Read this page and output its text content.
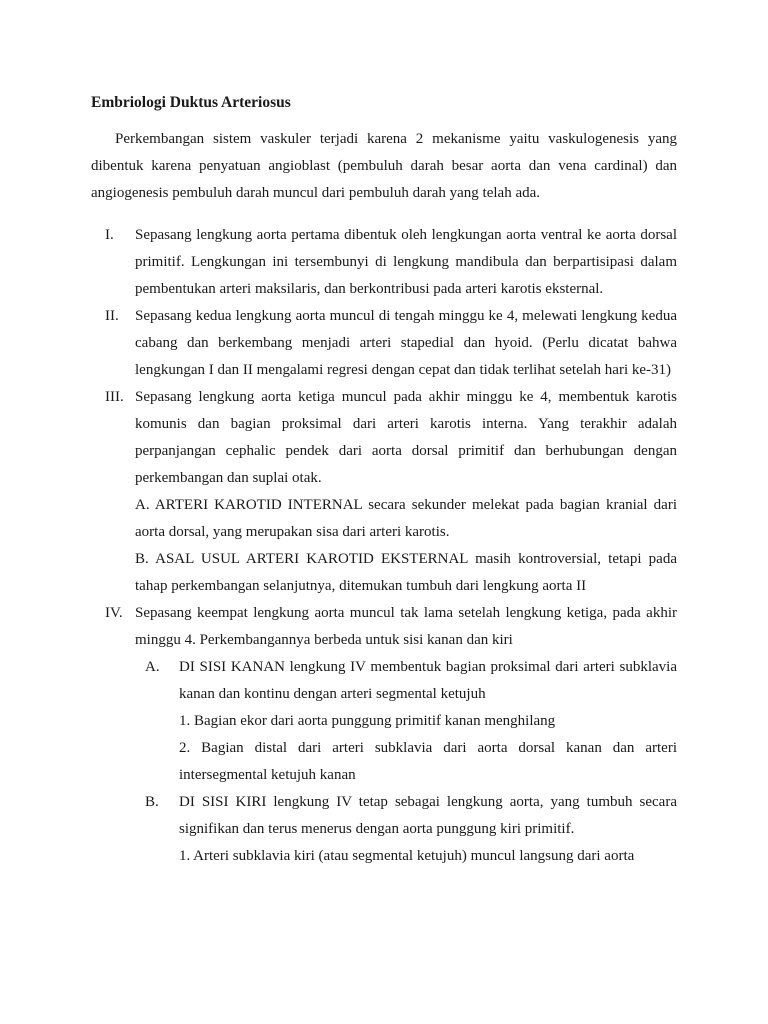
Embriologi Duktus Arteriosus

Perkembangan sistem vaskuler terjadi karena 2 mekanisme yaitu vaskulogenesis yang dibentuk karena penyatuan angioblast (pembuluh darah besar aorta dan vena cardinal) dan angiogenesis pembuluh darah muncul dari pembuluh darah yang telah ada.

I.	Sepasang lengkung aorta pertama dibentuk oleh lengkungan aorta ventral ke aorta dorsal primitif. Lengkungan ini tersembunyi di lengkung mandibula dan berpartisipasi dalam pembentukan arteri maksilaris, dan berkontribusi pada arteri karotis eksternal.

II.	Sepasang kedua lengkung aorta muncul di tengah minggu ke 4, melewati lengkung kedua cabang dan berkembang menjadi arteri stapedial dan hyoid. (Perlu dicatat bahwa lengkungan I dan II mengalami regresi dengan cepat dan tidak terlihat setelah hari ke-31)

III. Sepasang lengkung aorta ketiga muncul pada akhir minggu ke 4, membentuk karotis komunis dan bagian proksimal dari arteri karotis interna. Yang terakhir adalah perpanjangan cephalic pendek dari aorta dorsal primitif dan berhubungan dengan perkembangan dan suplai otak.

A. ARTERI KAROTID INTERNAL secara sekunder melekat pada bagian kranial dari aorta dorsal, yang merupakan sisa dari arteri karotis.

B. ASAL USUL ARTERI KAROTID EKSTERNAL masih kontroversial, tetapi pada tahap perkembangan selanjutnya, ditemukan tumbuh dari lengkung aorta II

IV. Sepasang keempat lengkung aorta muncul tak lama setelah lengkung ketiga, pada akhir minggu 4. Perkembangannya berbeda untuk sisi kanan dan kiri

A.	DI SISI KANAN lengkung IV membentuk bagian proksimal dari arteri subklavia kanan dan kontinu dengan arteri segmental ketujuh

1. Bagian ekor dari aorta punggung primitif kanan menghilang

2. Bagian distal dari arteri subklavia dari aorta dorsal kanan dan arteri intersegmental ketujuh kanan

B.	DI SISI KIRI lengkung IV tetap sebagai lengkung aorta, yang tumbuh secara signifikan dan terus menerus dengan aorta punggung kiri primitif.

1. Arteri subklavia kiri (atau segmental ketujuh) muncul langsung dari aorta
